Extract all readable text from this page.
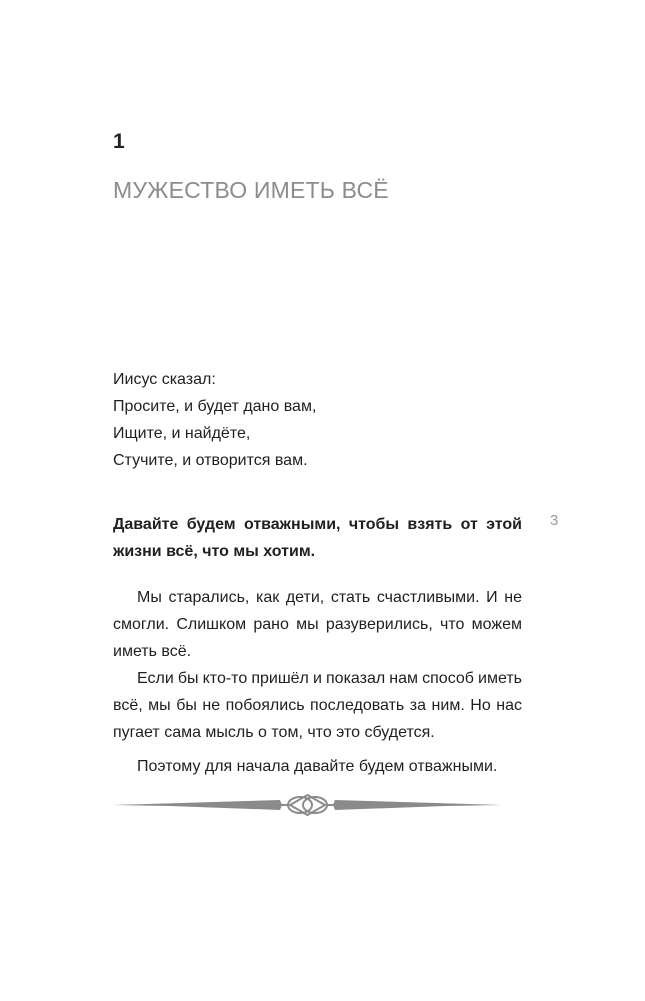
1
МУЖЕСТВО ИМЕТЬ ВСЁ
Иисус сказал:
Просите, и будет дано вам,
Ищите, и найдёте,
Стучите, и отворится вам.
Давайте будем отважными, чтобы взять от этой
жизни всё, что мы хотим.
3
Мы старались, как дети, стать счастливыми. И не
смогли. Слишком рано мы разуверились, что можем
иметь всё.
Если бы кто-то пришёл и показал нам способ иметь
всё, мы бы не побоялись последовать за ним. Но нас
пугает сама мысль о том, что это сбудется.
Поэтому для начала давайте будем отважными.
